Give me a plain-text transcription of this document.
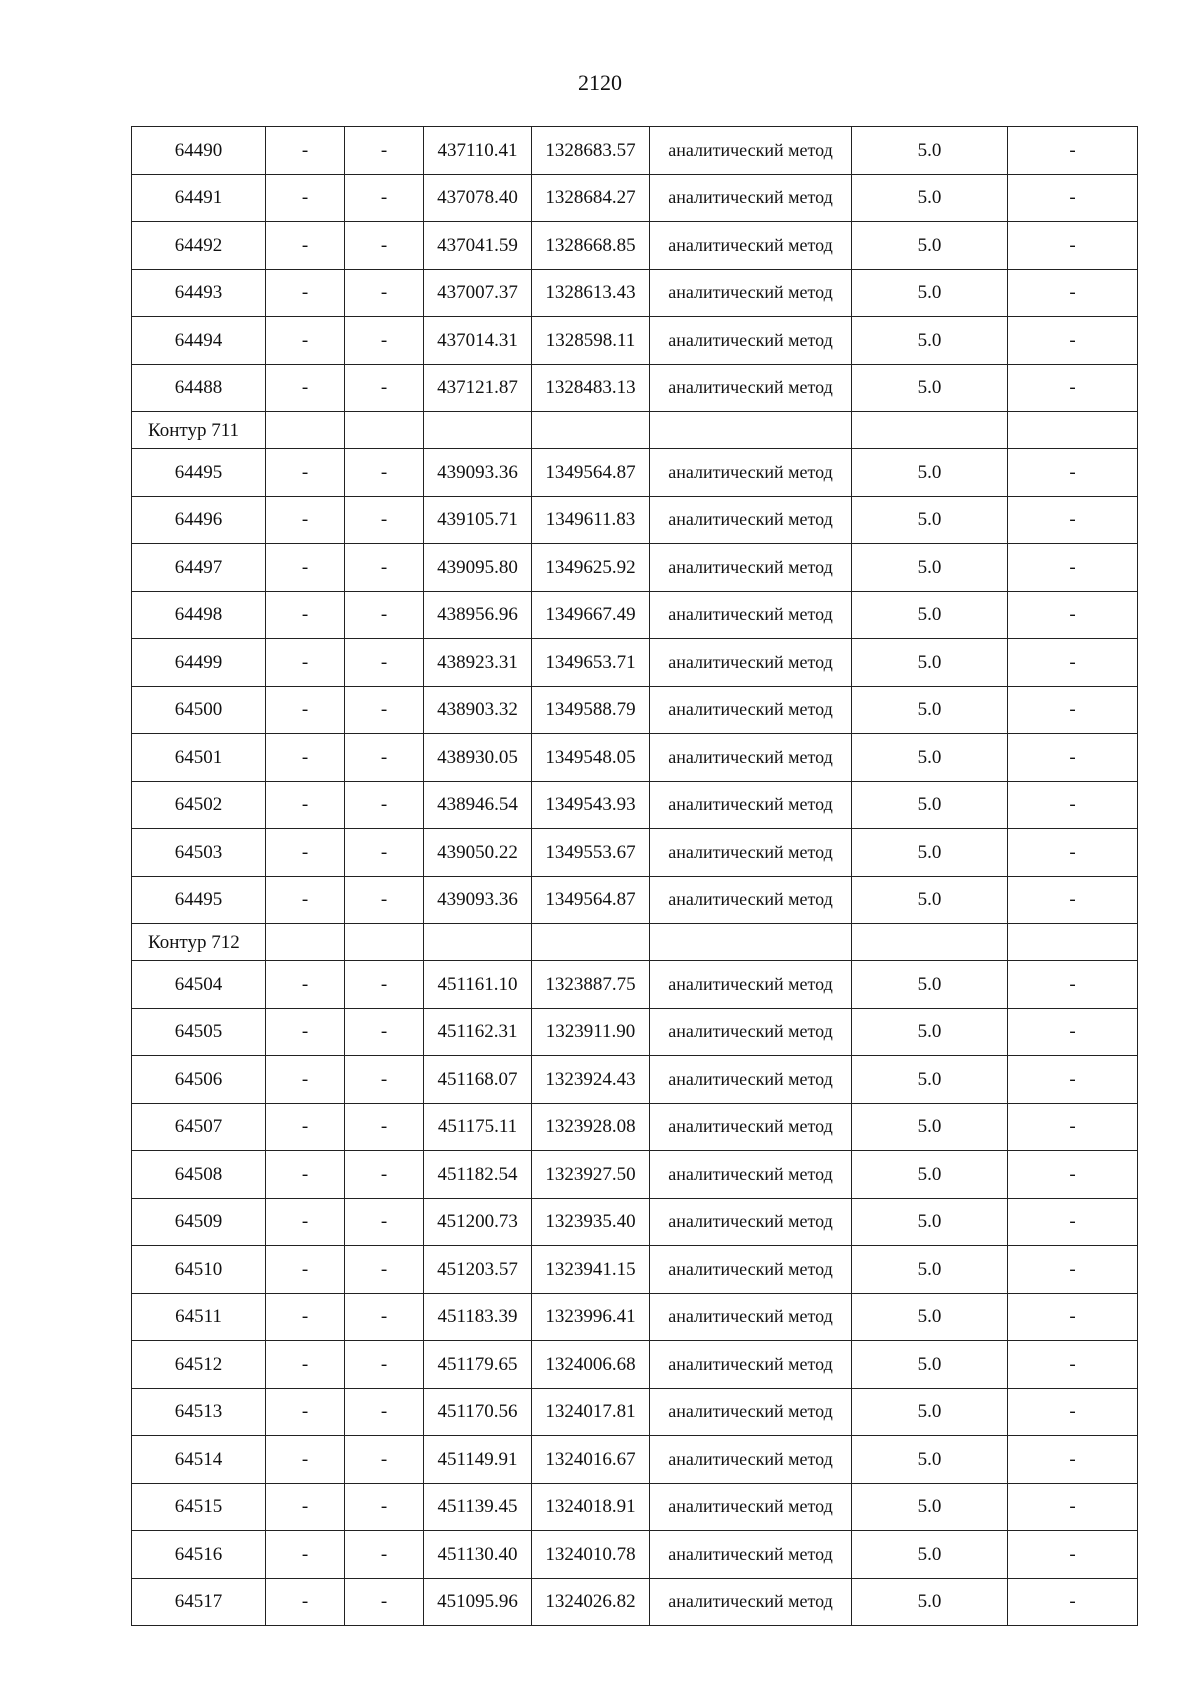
2120
64490	-	-	437110.41	1328683.57	аналитический метод	5.0	-
64491	-	-	437078.40	1328684.27	аналитический метод	5.0	-
64492	-	-	437041.59	1328668.85	аналитический метод	5.0	-
64493	-	-	437007.37	1328613.43	аналитический метод	5.0	-
64494	-	-	437014.31	1328598.11	аналитический метод	5.0	-
64488	-	-	437121.87	1328483.13	аналитический метод	5.0	-
Контур 711							
64495	-	-	439093.36	1349564.87	аналитический метод	5.0	-
64496	-	-	439105.71	1349611.83	аналитический метод	5.0	-
64497	-	-	439095.80	1349625.92	аналитический метод	5.0	-
64498	-	-	438956.96	1349667.49	аналитический метод	5.0	-
64499	-	-	438923.31	1349653.71	аналитический метод	5.0	-
64500	-	-	438903.32	1349588.79	аналитический метод	5.0	-
64501	-	-	438930.05	1349548.05	аналитический метод	5.0	-
64502	-	-	438946.54	1349543.93	аналитический метод	5.0	-
64503	-	-	439050.22	1349553.67	аналитический метод	5.0	-
64495	-	-	439093.36	1349564.87	аналитический метод	5.0	-
Контур 712							
64504	-	-	451161.10	1323887.75	аналитический метод	5.0	-
64505	-	-	451162.31	1323911.90	аналитический метод	5.0	-
64506	-	-	451168.07	1323924.43	аналитический метод	5.0	-
64507	-	-	451175.11	1323928.08	аналитический метод	5.0	-
64508	-	-	451182.54	1323927.50	аналитический метод	5.0	-
64509	-	-	451200.73	1323935.40	аналитический метод	5.0	-
64510	-	-	451203.57	1323941.15	аналитический метод	5.0	-
64511	-	-	451183.39	1323996.41	аналитический метод	5.0	-
64512	-	-	451179.65	1324006.68	аналитический метод	5.0	-
64513	-	-	451170.56	1324017.81	аналитический метод	5.0	-
64514	-	-	451149.91	1324016.67	аналитический метод	5.0	-
64515	-	-	451139.45	1324018.91	аналитический метод	5.0	-
64516	-	-	451130.40	1324010.78	аналитический метод	5.0	-
64517	-	-	451095.96	1324026.82	аналитический метод	5.0	-
